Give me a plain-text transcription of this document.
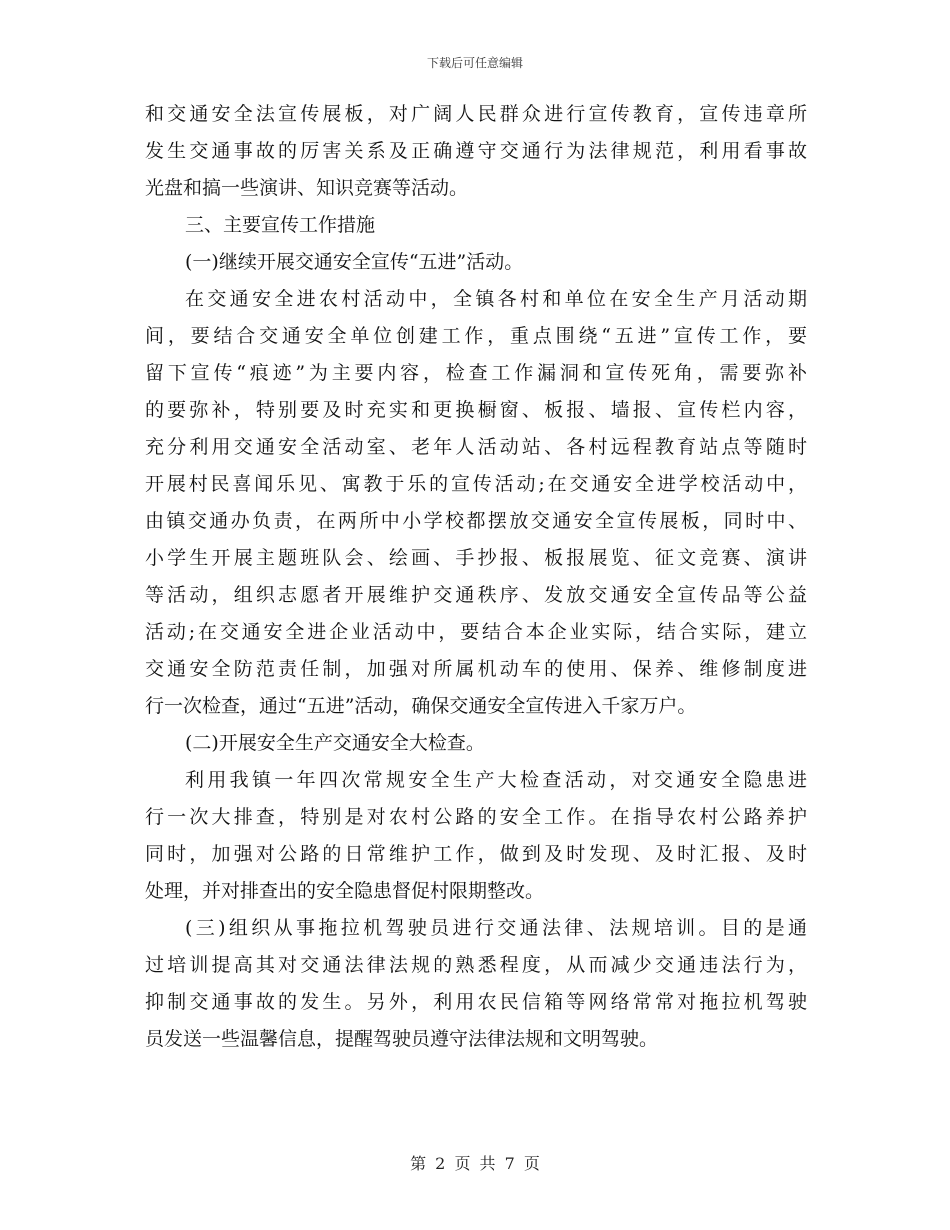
下载后可任意编辑
和交通安全法宣传展板，对广阔人民群众进行宣传教育，宣传违章所
发生交通事故的厉害关系及正确遵守交通行为法律规范，利用看事故
光盘和搞一些演讲、知识竞赛等活动。
三、主要宣传工作措施
(一)继续开展交通安全宣传“五进”活动。
在交通安全进农村活动中，全镇各村和单位在安全生产月活动期
间，要结合交通安全单位创建工作，重点围绕“五进”宣传工作，要
留下宣传“痕迹”为主要内容，检查工作漏洞和宣传死角，需要弥补
的要弥补，特别要及时充实和更换橱窗、板报、墙报、宣传栏内容，
充分利用交通安全活动室、老年人活动站、各村远程教育站点等随时
开展村民喜闻乐见、寓教于乐的宣传活动;在交通安全进学校活动中，
由镇交通办负责，在两所中小学校都摆放交通安全宣传展板，同时中、
小学生开展主题班队会、绘画、手抄报、板报展览、征文竞赛、演讲
等活动，组织志愿者开展维护交通秩序、发放交通安全宣传品等公益
活动;在交通安全进企业活动中，要结合本企业实际，结合实际，建立
交通安全防范责任制，加强对所属机动车的使用、保养、维修制度进
行一次检查，通过“五进”活动，确保交通安全宣传进入千家万户。
(二)开展安全生产交通安全大检查。
利用我镇一年四次常规安全生产大检查活动，对交通安全隐患进
行一次大排查，特别是对农村公路的安全工作。在指导农村公路养护
同时，加强对公路的日常维护工作，做到及时发现、及时汇报、及时
处理，并对排查出的安全隐患督促村限期整改。
(三)组织从事拖拉机驾驶员进行交通法律、法规培训。目的是通
过培训提高其对交通法律法规的熟悉程度，从而减少交通违法行为，
抑制交通事故的发生。另外，利用农民信箱等网络常常对拖拉机驾驶
员发送一些温馨信息，提醒驾驶员遵守法律法规和文明驾驶。
第 2 页 共 7 页
